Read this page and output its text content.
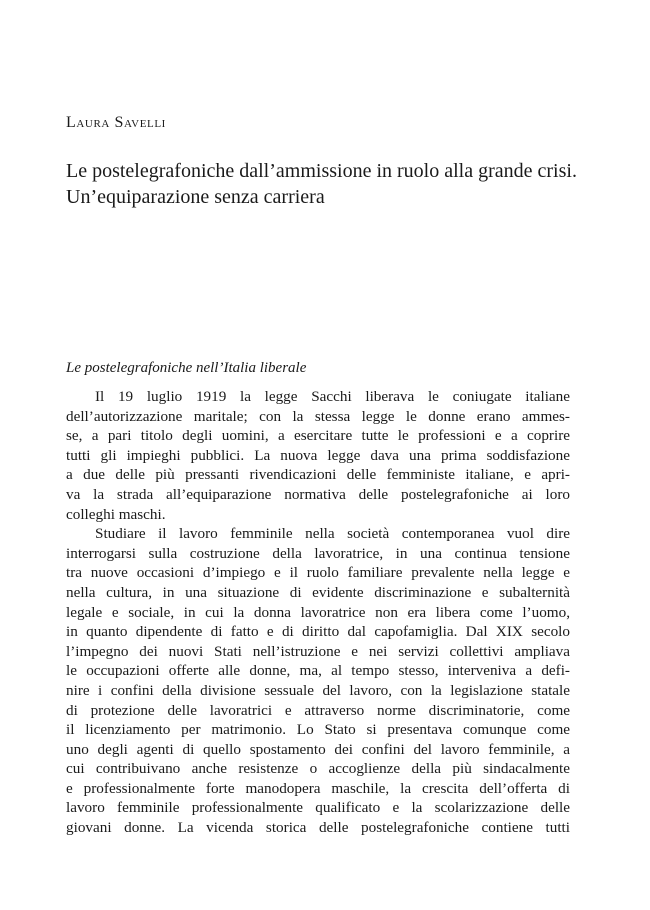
Laura Savelli

Le postelegrafoniche dall’ammissione in ruolo alla grande crisi.
Un’equiparazione senza carriera
Le postelegrafoniche nell’Italia liberale
Il 19 luglio 1919 la legge Sacchi liberava le coniugate italiane
dell’autorizzazione maritale; con la stessa legge le donne erano ammes-
se, a pari titolo degli uomini, a esercitare tutte le professioni e a coprire
tutti gli impieghi pubblici. La nuova legge dava una prima soddisfazione
a due delle più pressanti rivendicazioni delle femministe italiane, e apri-
va la strada all’equiparazione normativa delle postelegrafoniche ai loro
colleghi maschi.
Studiare il lavoro femminile nella società contemporanea vuol dire
interrogarsi sulla costruzione della lavoratrice, in una continua tensione
tra nuove occasioni d’impiego e il ruolo familiare prevalente nella legge e
nella cultura, in una situazione di evidente discriminazione e subalternità
legale e sociale, in cui la donna lavoratrice non era libera come l’uomo,
in quanto dipendente di fatto e di diritto dal capofamiglia. Dal XIX secolo
l’impegno dei nuovi Stati nell’istruzione e nei servizi collettivi ampliava
le occupazioni offerte alle donne, ma, al tempo stesso, interveniva a defi-
nire i confini della divisione sessuale del lavoro, con la legislazione statale
di protezione delle lavoratrici e attraverso norme discriminatorie, come
il licenziamento per matrimonio. Lo Stato si presentava comunque come
uno degli agenti di quello spostamento dei confini del lavoro femminile, a
cui contribuivano anche resistenze o accoglienze della più sindacalmente
e professionalmente forte manodopera maschile, la crescita dell’offerta di
lavoro femminile professionalmente qualificato e la scolarizzazione delle
giovani donne. La vicenda storica delle postelegrafoniche contiene tutti
